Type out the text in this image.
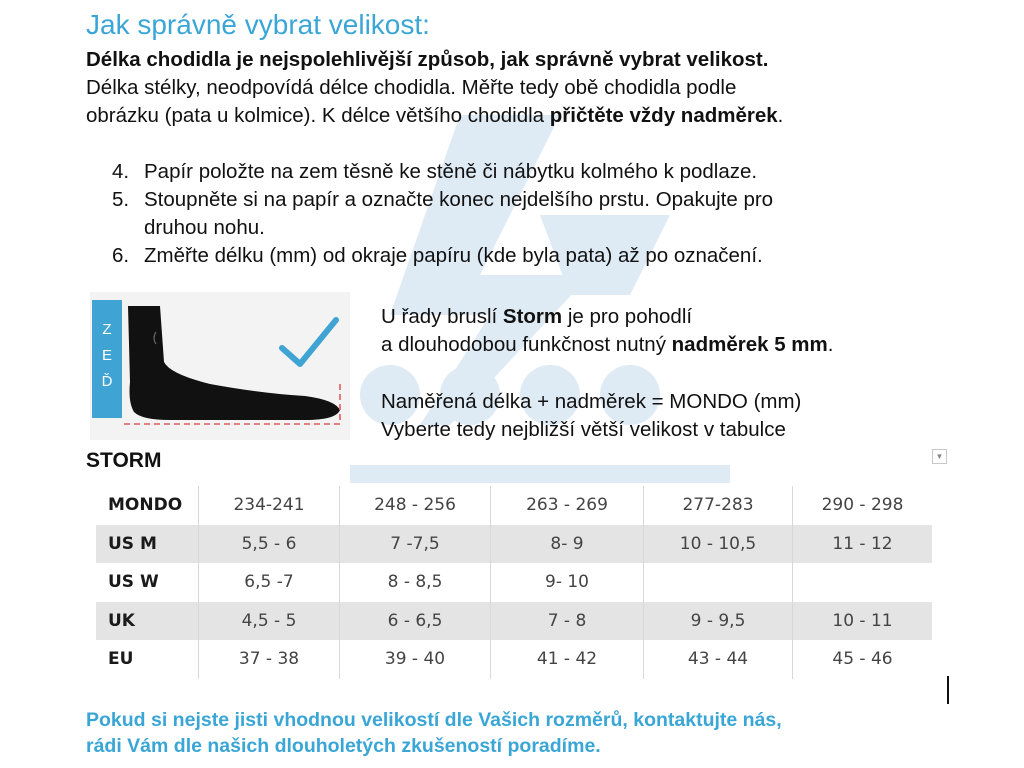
Jak správně vybrat velikost:
Délka chodidla je nejspolehlivější způsob, jak správně vybrat velikost.
Délka stélky, neodpovídá délce chodidla. Měřte tedy obě chodidla podle
obrázku (pata u kolmice). K délce většího chodidla přičtěte vždy nadměrek.
4. Papír položte na zem těsně ke stěně či nábytku kolmého k podlaze.
5. Stoupněte si na papír a označte konec nejdelšího prstu. Opakujte pro
druhou nohu.
6. Změřte délku (mm) od okraje papíru (kde byla pata) až po označení.
Z
E
Ď
U řady bruslí Storm je pro pohodlí
a dlouhodobou funkčnost nutný nadměrek 5 mm.
Naměřená délka + nadměrek = MONDO (mm)
Vyberte tedy nejbližší větší velikost v tabulce
STORM	▼
MONDO	234-241	248 - 256	263 - 269	277-283	290 - 298
US M	5,5 - 6	7 -7,5	8- 9	10 - 10,5	11 - 12
US W	6,5 -7	8 - 8,5	9- 10		
UK	4,5 - 5	6 - 6,5	7 - 8	9 - 9,5	10 - 11
EU	37 - 38	39 - 40	41 - 42	43 - 44	45 - 46
Pokud si nejste jisti vhodnou velikostí dle Vašich rozměrů, kontaktujte nás,
rádi Vám dle našich dlouholetých zkušeností poradíme.
